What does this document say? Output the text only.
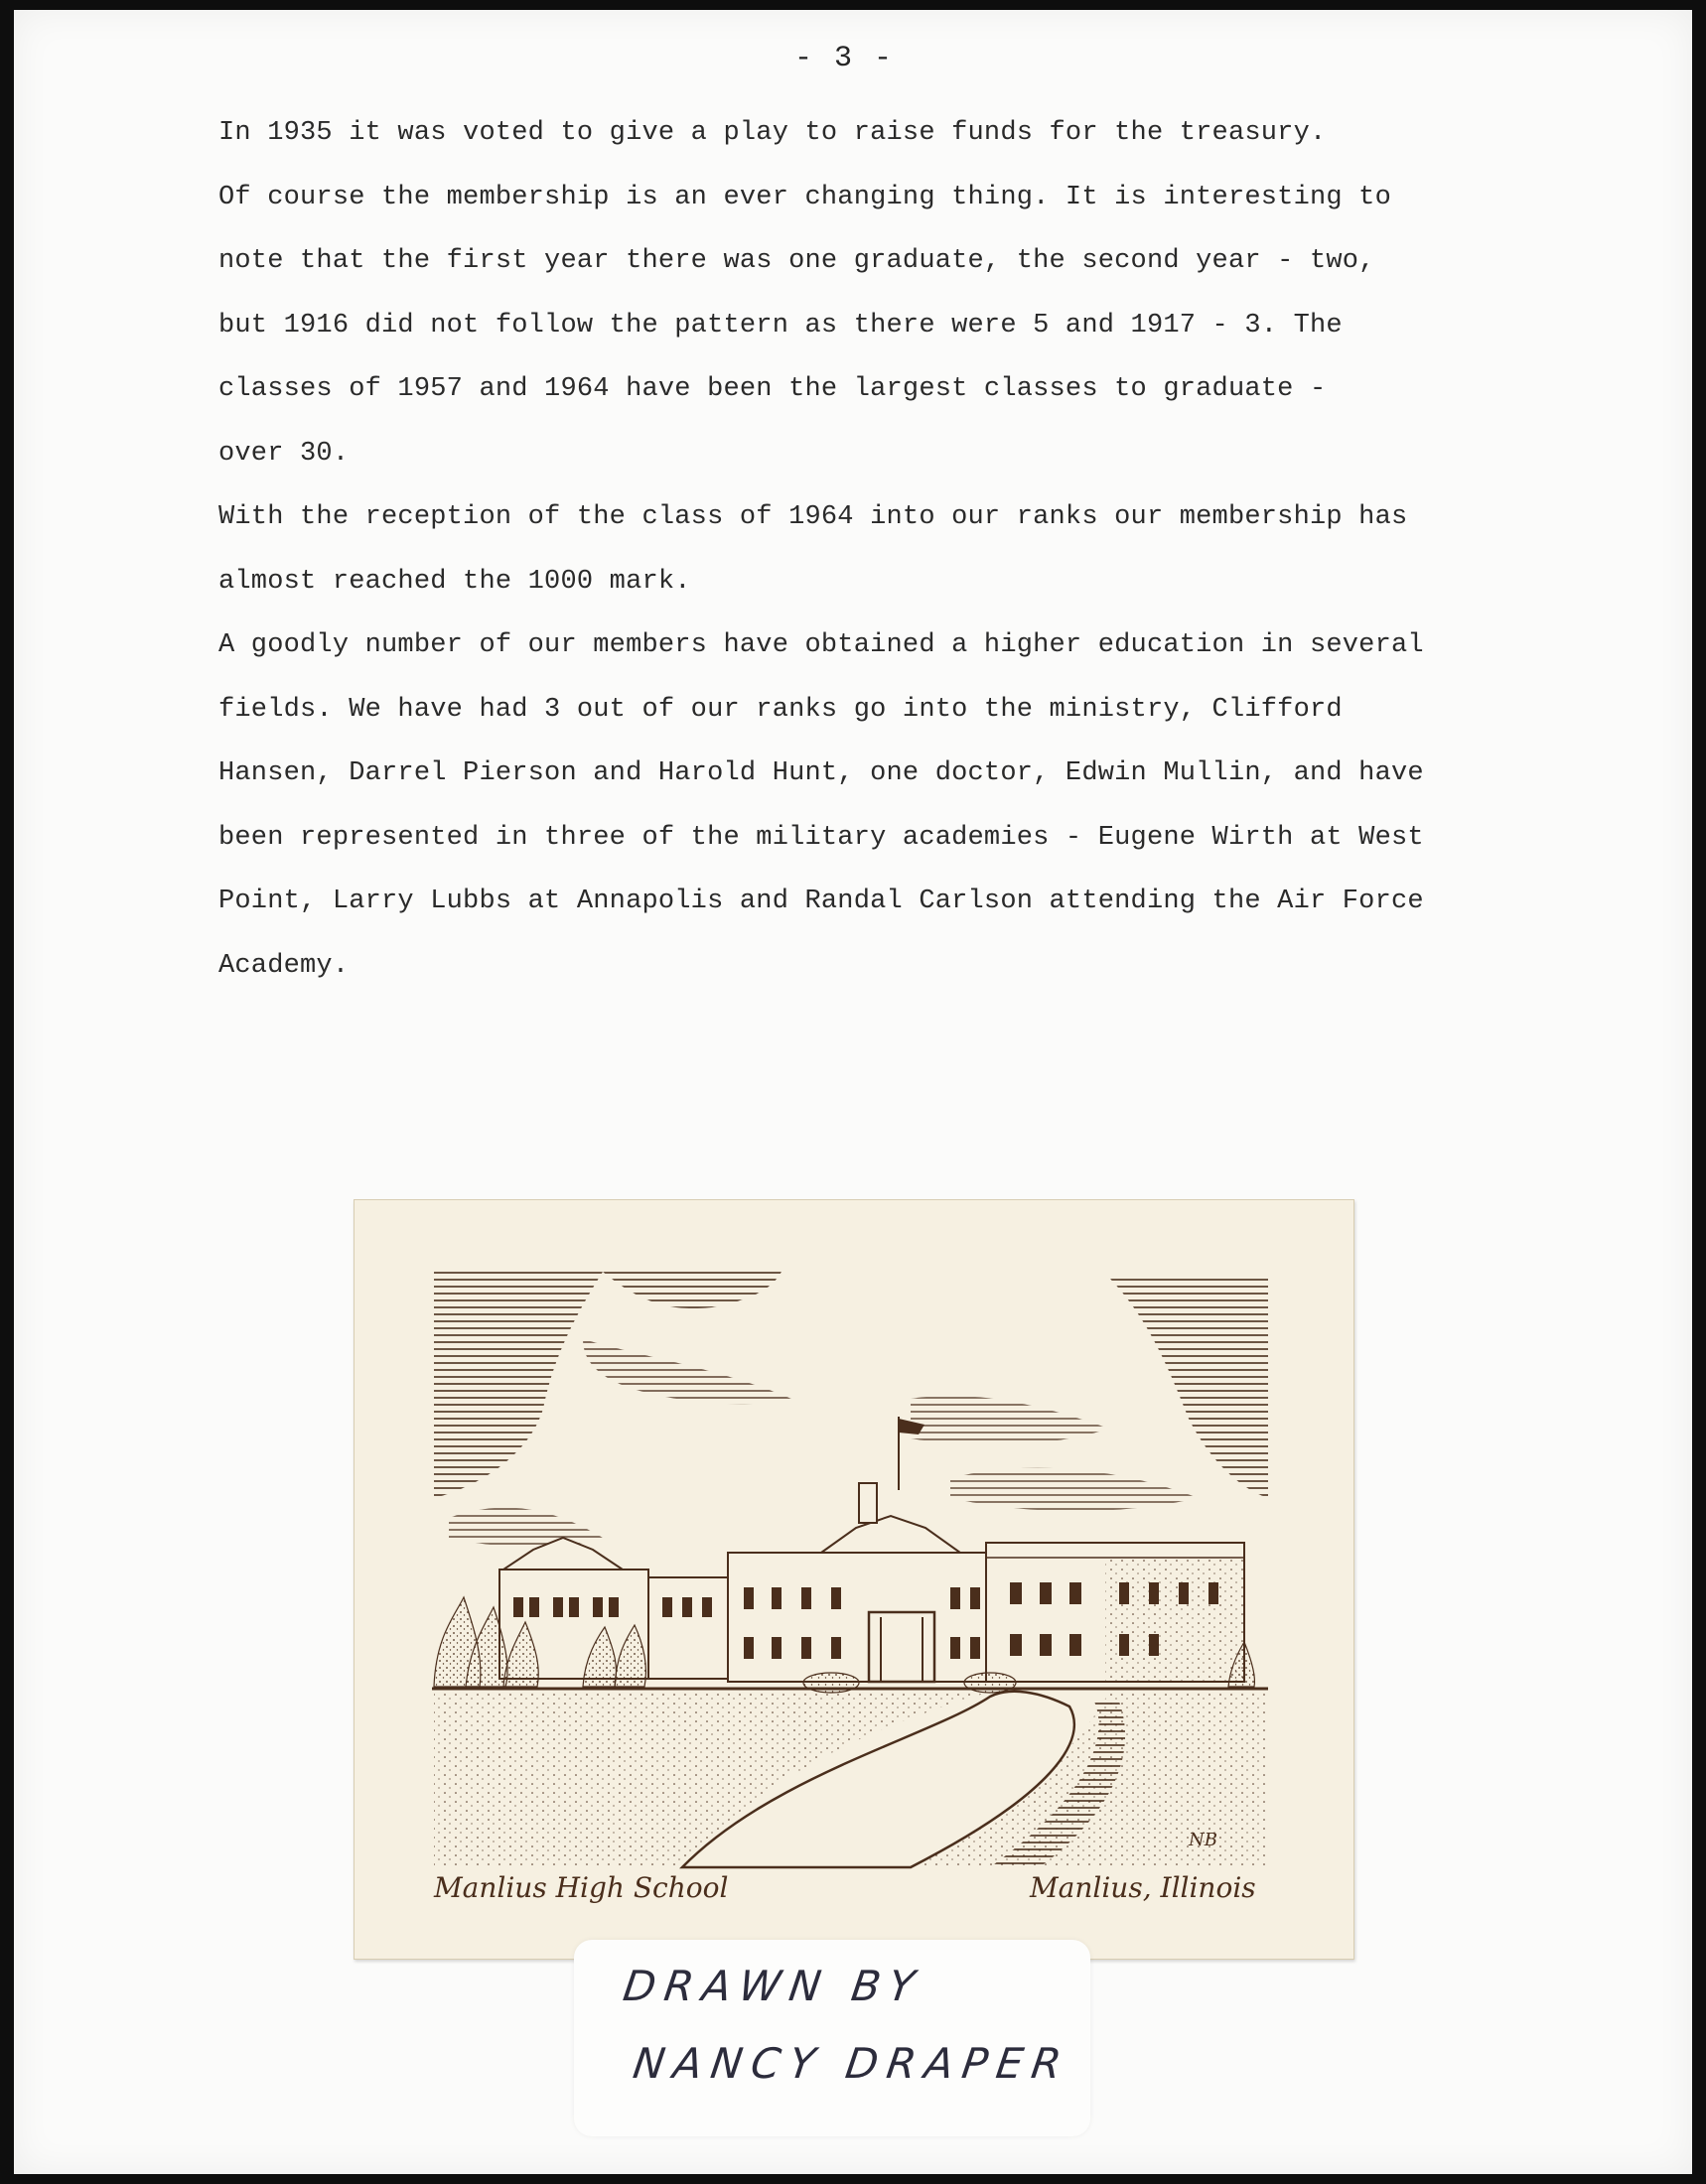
- 3 -
In 1935 it was voted to give a play to raise funds for the treasury.
Of course the membership is an ever changing thing. It is interesting to
note that the first year there was one graduate, the second year - two,
but 1916 did not follow the pattern as there were 5 and 1917 - 3. The
classes of 1957 and 1964 have been the largest classes to graduate -
over 30.
With the reception of the class of 1964 into our ranks our membership has
almost reached the 1000 mark.
A goodly number of our members have obtained a higher education in several
fields. We have had 3 out of our ranks go into the ministry, Clifford
Hansen, Darrel Pierson and Harold Hunt, one doctor, Edwin Mullin, and have
been represented in three of the military academies - Eugene Wirth at West
Point, Larry Lubbs at Annapolis and Randal Carlson attending the Air Force
Academy.
NB
Manlius High School	Manlius, Illinois
DRAWN BY
NANCY DRAPER
